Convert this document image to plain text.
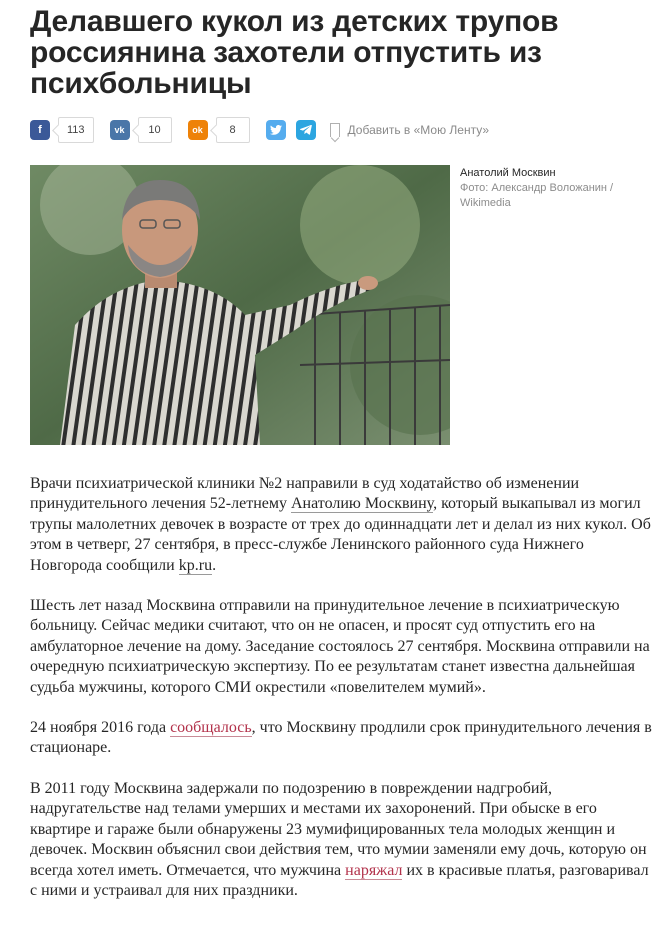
Делавшего кукол из детских трупов россиянина захотели отпустить из психбольницы
f	113	vk	10	ok	8	Добавить в «Мою Ленту»
Анатолий Москвин
Фото: Александр Воложанин / Wikimedia

Врачи психиатрической клиники №2 направили в суд ходатайство об изменении принудительного лечения 52-летнему Анатолию Москвину, который выкапывал из могил трупы малолетних девочек в возрасте от трех до одиннадцати лет и делал из них кукол. Об этом в четверг, 27 сентября, в пресс-службе Ленинского районного суда Нижнего Новгорода сообщили kp.ru.

Шесть лет назад Москвина отправили на принудительное лечение в психиатрическую больницу. Сейчас медики считают, что он не опасен, и просят суд отпустить его на амбулаторное лечение на дому. Заседание состоялось 27 сентября. Москвина отправили на очередную психиатрическую экспертизу. По ее результатам станет известна дальнейшая судьба мужчины, которого СМИ окрестили «повелителем мумий».

24 ноября 2016 года сообщалось, что Москвину продлили срок принудительного лечения в стационаре.

В 2011 году Москвина задержали по подозрению в повреждении надгробий, надругательстве над телами умерших и местами их захоронений. При обыске в его квартире и гараже были обнаружены 23 мумифицированных тела молодых женщин и девочек. Москвин объяснил свои действия тем, что мумии заменяли ему дочь, которую он всегда хотел иметь. Отмечается, что мужчина наряжал их в красивые платья, разговаривал с ними и устраивал для них праздники.
